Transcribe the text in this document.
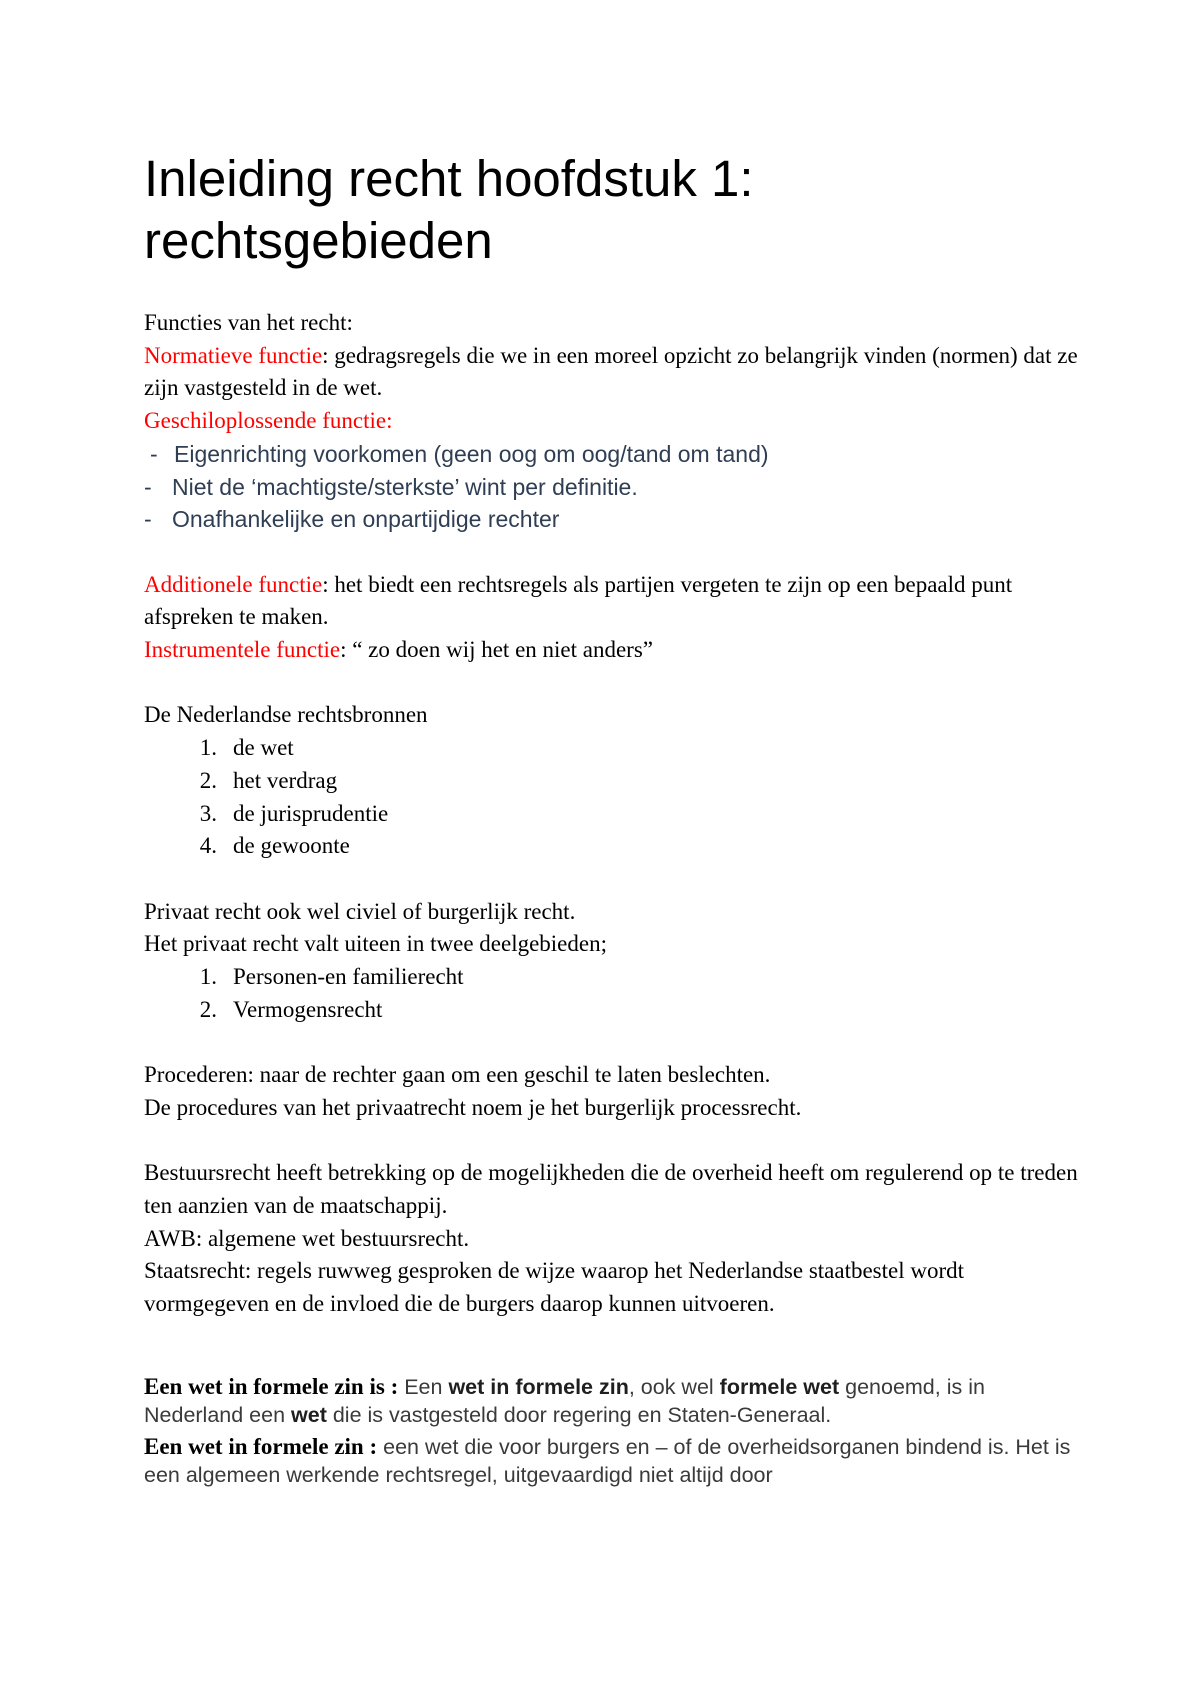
Inleiding recht hoofdstuk 1: rechtsgebieden

Functies van het recht:

Normatieve functie: gedragsregels die we in een moreel opzicht zo belangrijk vinden (normen) dat ze zijn vastgesteld in de wet.

Geschiloplossende functie:

- Eigenrichting voorkomen (geen oog om oog/tand om tand)
- Niet de ‘machtigste/sterkste’ wint per definitie.
- Onafhankelijke en onpartijdige rechter

Additionele functie: het biedt een rechtsregels als partijen vergeten te zijn op een bepaald punt afspreken te maken.

Instrumentele functie: “ zo doen wij het en niet anders”

De Nederlandse rechtsbronnen

1. de wet
2. het verdrag
3. de jurisprudentie
4. de gewoonte

Privaat recht ook wel civiel of burgerlijk recht.

Het privaat recht valt uiteen in twee deelgebieden;

1. Personen-en familierecht
2. Vermogensrecht

Procederen: naar de rechter gaan om een geschil te laten beslechten.

De procedures van het privaatrecht noem je het burgerlijk processrecht.

Bestuursrecht heeft betrekking op de mogelijkheden die de overheid heeft om regulerend op te treden ten aanzien van de maatschappij.

AWB: algemene wet bestuursrecht.

Staatsrecht: regels ruwweg gesproken de wijze waarop het Nederlandse staatbestel wordt vormgegeven en de invloed die de burgers daarop kunnen uitvoeren.

Een wet in formele zin is : Een wet in formele zin, ook wel formele wet genoemd, is in Nederland een wet die is vastgesteld door regering en Staten-Generaal.

Een wet in formele zin : een wet die voor burgers en – of de overheidsorganen bindend is. Het is een algemeen werkende rechtsregel, uitgevaardigd niet altijd door
